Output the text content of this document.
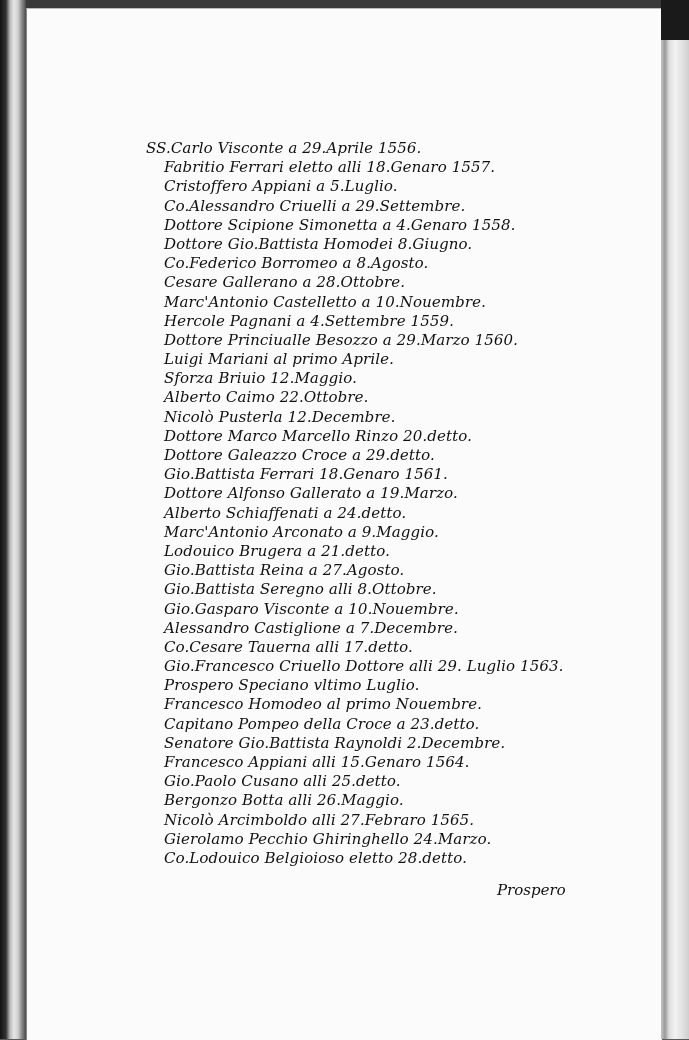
SS.Carlo Visconte a 29.Aprile 1556.
Fabritio Ferrari eletto alli 18.Genaro 1557.
Cristoffero Appiani a 5.Luglio.
Co.Alessandro Criuelli a 29.Settembre.
Dottore Scipione Simonetta a 4.Genaro 1558.
Dottore Gio.Battista Homodei 8.Giugno.
Co.Federico Borromeo a 8.Agosto.
Cesare Gallerano a 28.Ottobre.
Marc'Antonio Castelletto a 10.Nouembre.
Hercole Pagnani a 4.Settembre 1559.
Dottore Princiualle Besozzo a 29.Marzo 1560.
Luigi Mariani al primo Aprile.
Sforza Briuio 12.Maggio.
Alberto Caimo 22.Ottobre.
Nicolò Pusterla 12.Decembre.
Dottore Marco Marcello Rinzo 20.detto.
Dottore Galeazzo Croce a 29.detto.
Gio.Battista Ferrari 18.Genaro 1561.
Dottore Alfonso Gallerato a 19.Marzo.
Alberto Schiaffenati a 24.detto.
Marc'Antonio Arconato a 9.Maggio.
Lodouico Brugera a 21.detto.
Gio.Battista Reina a 27.Agosto.
Gio.Battista Seregno alli 8.Ottobre.
Gio.Gasparo Visconte a 10.Nouembre.
Alessandro Castiglione a 7.Decembre.
Co.Cesare Tauerna alli 17.detto.
Gio.Francesco Criuello Dottore alli 29. Luglio 1563.
Prospero Speciano vltimo Luglio.
Francesco Homodeo al primo Nouembre.
Capitano Pompeo della Croce a 23.detto.
Senatore Gio.Battista Raynoldi 2.Decembre.
Francesco Appiani alli 15.Genaro 1564.
Gio.Paolo Cusano alli 25.detto.
Bergonzo Botta alli 26.Maggio.
Nicolò Arcimboldo alli 27.Febraro 1565.
Gierolamo Pecchio Ghiringhello 24.Marzo.
Co.Lodouico Belgioioso eletto 28.detto.
Prospero
